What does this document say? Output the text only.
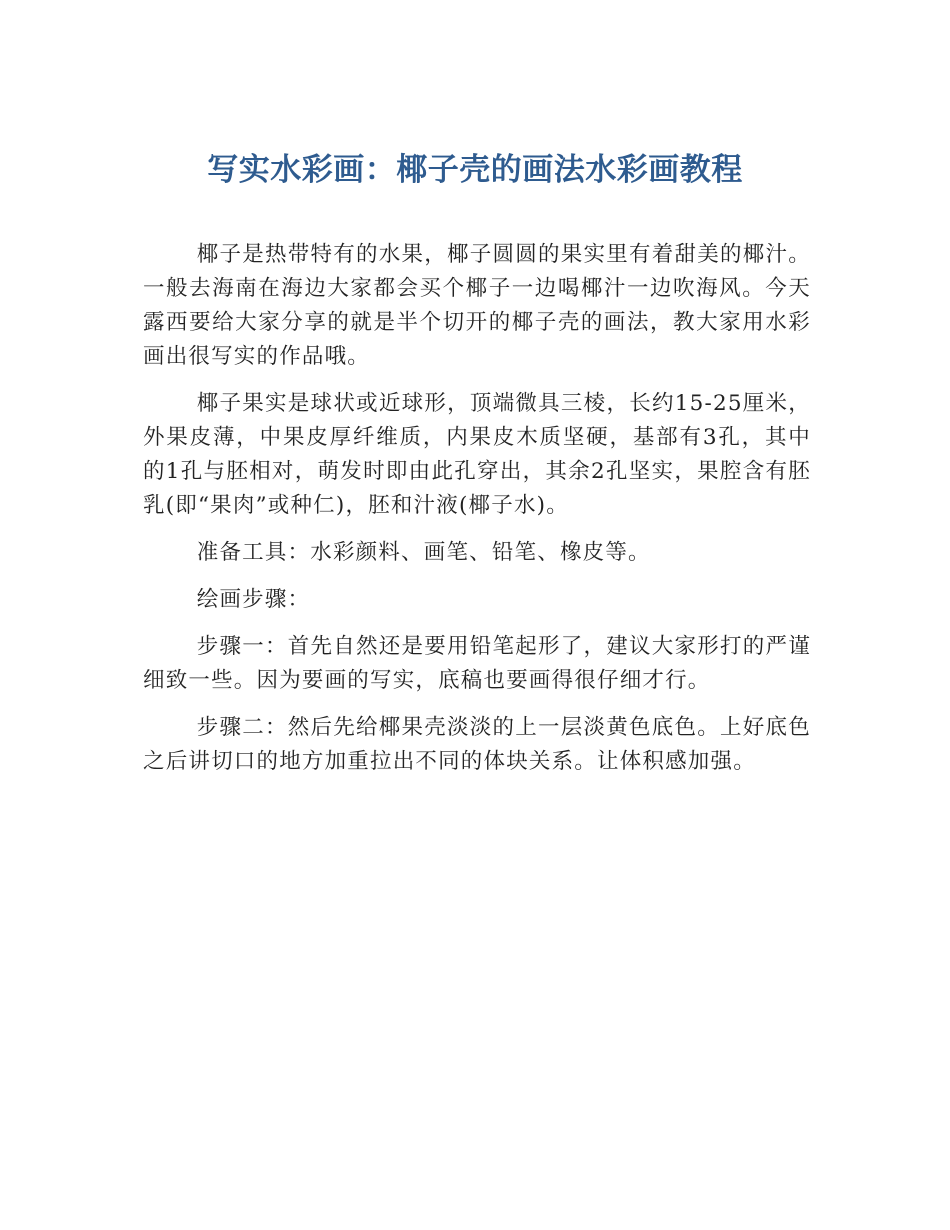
写实水彩画：椰子壳的画法水彩画教程

椰子是热带特有的水果，椰子圆圆的果实里有着甜美的椰汁。一般去海南在海边大家都会买个椰子一边喝椰汁一边吹海风。今天露西要给大家分享的就是半个切开的椰子壳的画法，教大家用水彩画出很写实的作品哦。

椰子果实是球状或近球形，顶端微具三棱，长约15-25厘米，外果皮薄，中果皮厚纤维质，内果皮木质坚硬，基部有3孔，其中的1孔与胚相对，萌发时即由此孔穿出，其余2孔坚实，果腔含有胚乳(即“果肉”或种仁)，胚和汁液(椰子水)。

准备工具：水彩颜料、画笔、铅笔、橡皮等。

绘画步骤：

步骤一：首先自然还是要用铅笔起形了，建议大家形打的严谨细致一些。因为要画的写实，底稿也要画得很仔细才行。

步骤二：然后先给椰果壳淡淡的上一层淡黄色底色。上好底色之后讲切口的地方加重拉出不同的体块关系。让体积感加强。
